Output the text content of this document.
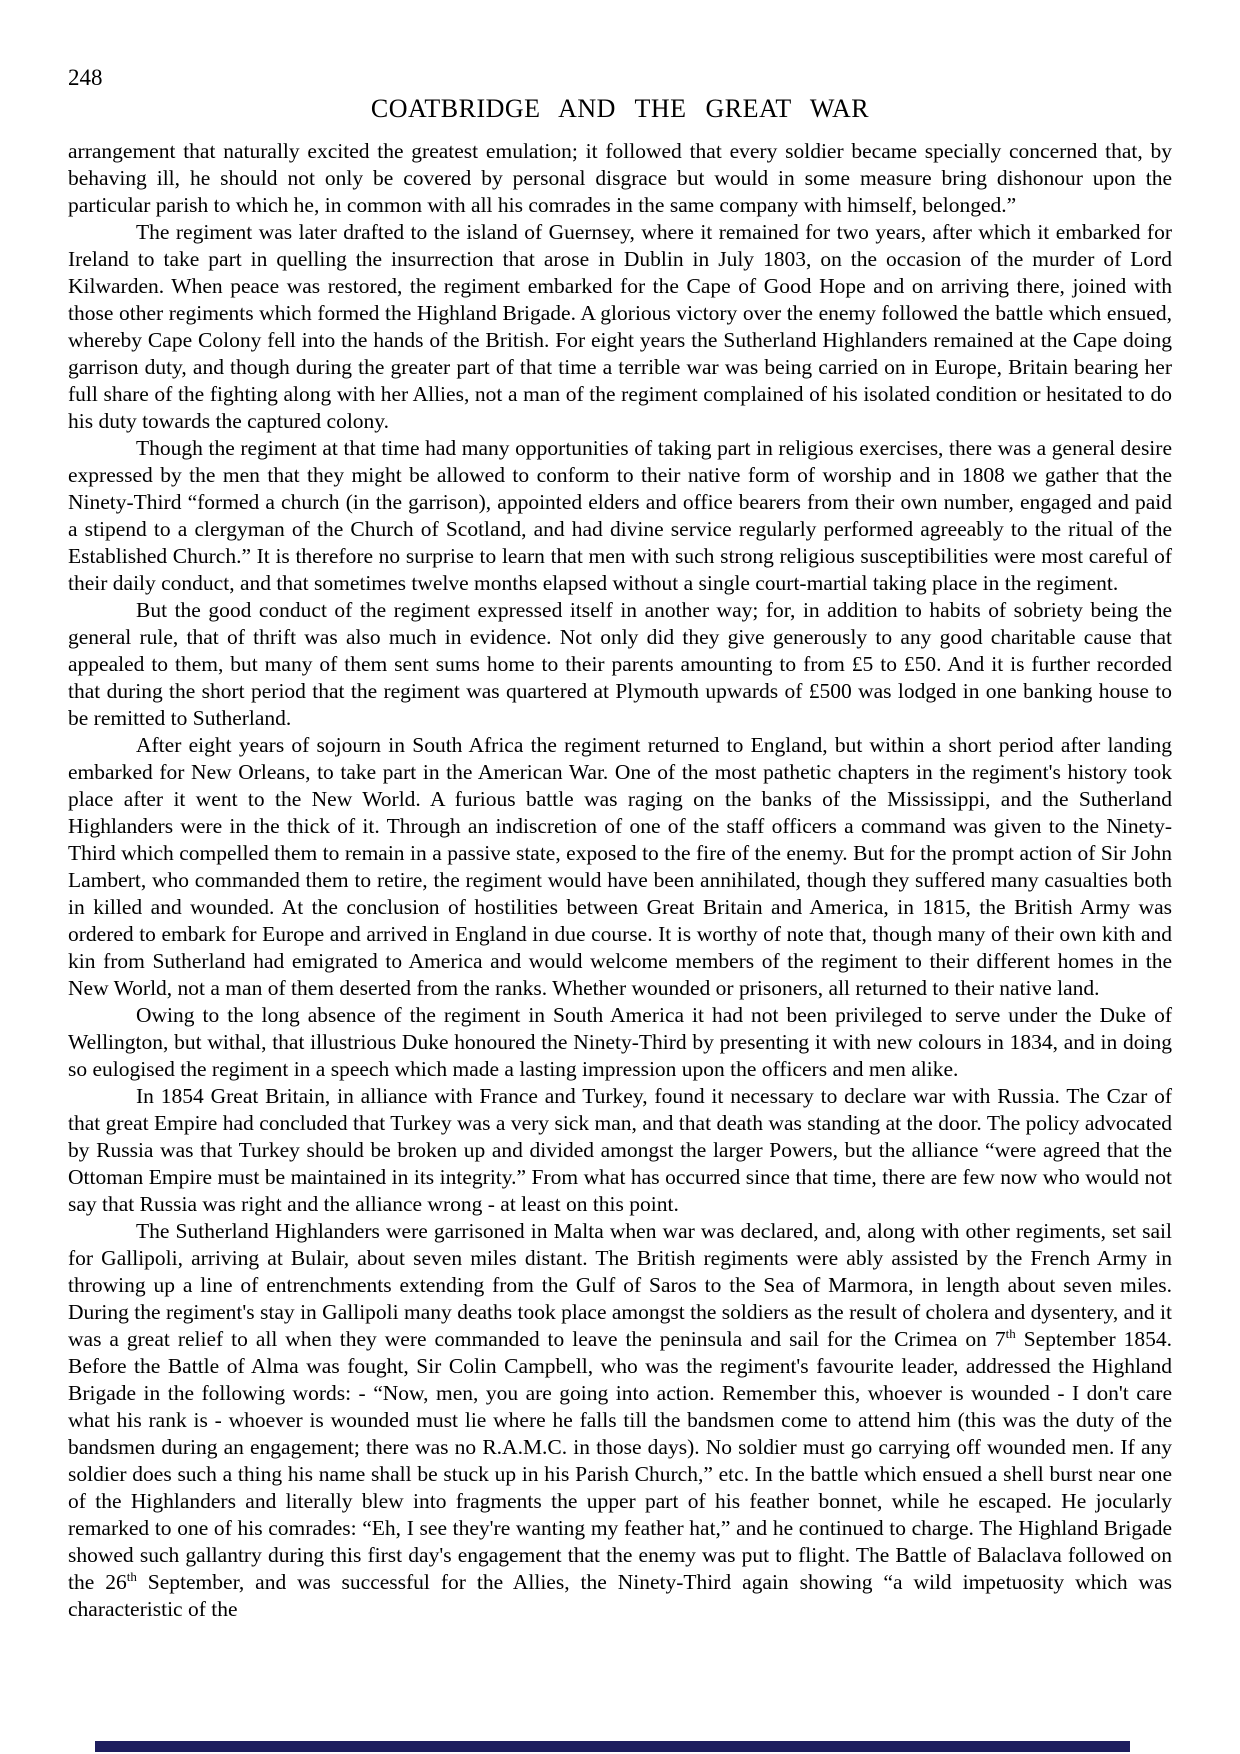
248
COATBRIDGE AND THE GREAT WAR

arrangement that naturally excited the greatest emulation; it followed that every soldier became specially concerned that, by behaving ill, he should not only be covered by personal disgrace but would in some measure bring dishonour upon the particular parish to which he, in common with all his comrades in the same company with himself, belonged.”

The regiment was later drafted to the island of Guernsey, where it remained for two years, after which it embarked for Ireland to take part in quelling the insurrection that arose in Dublin in July 1803, on the occasion of the murder of Lord Kilwarden. When peace was restored, the regiment embarked for the Cape of Good Hope and on arriving there, joined with those other regiments which formed the Highland Brigade. A glorious victory over the enemy followed the battle which ensued, whereby Cape Colony fell into the hands of the British. For eight years the Sutherland Highlanders remained at the Cape doing garrison duty, and though during the greater part of that time a terrible war was being carried on in Europe, Britain bearing her full share of the fighting along with her Allies, not a man of the regiment complained of his isolated condition or hesitated to do his duty towards the captured colony.

Though the regiment at that time had many opportunities of taking part in religious exercises, there was a general desire expressed by the men that they might be allowed to conform to their native form of worship and in 1808 we gather that the Ninety-Third “formed a church (in the garrison), appointed elders and office bearers from their own number, engaged and paid a stipend to a clergyman of the Church of Scotland, and had divine service regularly performed agreeably to the ritual of the Established Church.” It is therefore no surprise to learn that men with such strong religious susceptibilities were most careful of their daily conduct, and that sometimes twelve months elapsed without a single court-martial taking place in the regiment.

But the good conduct of the regiment expressed itself in another way; for, in addition to habits of sobriety being the general rule, that of thrift was also much in evidence. Not only did they give generously to any good charitable cause that appealed to them, but many of them sent sums home to their parents amounting to from £5 to £50. And it is further recorded that during the short period that the regiment was quartered at Plymouth upwards of £500 was lodged in one banking house to be remitted to Sutherland.

After eight years of sojourn in South Africa the regiment returned to England, but within a short period after landing embarked for New Orleans, to take part in the American War. One of the most pathetic chapters in the regiment's history took place after it went to the New World. A furious battle was raging on the banks of the Mississippi, and the Sutherland Highlanders were in the thick of it. Through an indiscretion of one of the staff officers a command was given to the Ninety-Third which compelled them to remain in a passive state, exposed to the fire of the enemy. But for the prompt action of Sir John Lambert, who commanded them to retire, the regiment would have been annihilated, though they suffered many casualties both in killed and wounded. At the conclusion of hostilities between Great Britain and America, in 1815, the British Army was ordered to embark for Europe and arrived in England in due course. It is worthy of note that, though many of their own kith and kin from Sutherland had emigrated to America and would welcome members of the regiment to their different homes in the New World, not a man of them deserted from the ranks. Whether wounded or prisoners, all returned to their native land.

Owing to the long absence of the regiment in South America it had not been privileged to serve under the Duke of Wellington, but withal, that illustrious Duke honoured the Ninety-Third by presenting it with new colours in 1834, and in doing so eulogised the regiment in a speech which made a lasting impression upon the officers and men alike.

In 1854 Great Britain, in alliance with France and Turkey, found it necessary to declare war with Russia. The Czar of that great Empire had concluded that Turkey was a very sick man, and that death was standing at the door. The policy advocated by Russia was that Turkey should be broken up and divided amongst the larger Powers, but the alliance “were agreed that the Ottoman Empire must be maintained in its integrity.” From what has occurred since that time, there are few now who would not say that Russia was right and the alliance wrong - at least on this point.

The Sutherland Highlanders were garrisoned in Malta when war was declared, and, along with other regiments, set sail for Gallipoli, arriving at Bulair, about seven miles distant. The British regiments were ably assisted by the French Army in throwing up a line of entrenchments extending from the Gulf of Saros to the Sea of Marmora, in length about seven miles. During the regiment's stay in Gallipoli many deaths took place amongst the soldiers as the result of cholera and dysentery, and it was a great relief to all when they were commanded to leave the peninsula and sail for the Crimea on 7th September 1854. Before the Battle of Alma was fought, Sir Colin Campbell, who was the regiment's favourite leader, addressed the Highland Brigade in the following words: - “Now, men, you are going into action. Remember this, whoever is wounded - I don't care what his rank is - whoever is wounded must lie where he falls till the bandsmen come to attend him (this was the duty of the bandsmen during an engagement; there was no R.A.M.C. in those days). No soldier must go carrying off wounded men. If any soldier does such a thing his name shall be stuck up in his Parish Church,” etc. In the battle which ensued a shell burst near one of the Highlanders and literally blew into fragments the upper part of his feather bonnet, while he escaped. He jocularly remarked to one of his comrades: “Eh, I see they're wanting my feather hat,” and he continued to charge. The Highland Brigade showed such gallantry during this first day's engagement that the enemy was put to flight. The Battle of Balaclava followed on the 26th September, and was successful for the Allies, the Ninety-Third again showing “a wild impetuosity which was characteristic of the
